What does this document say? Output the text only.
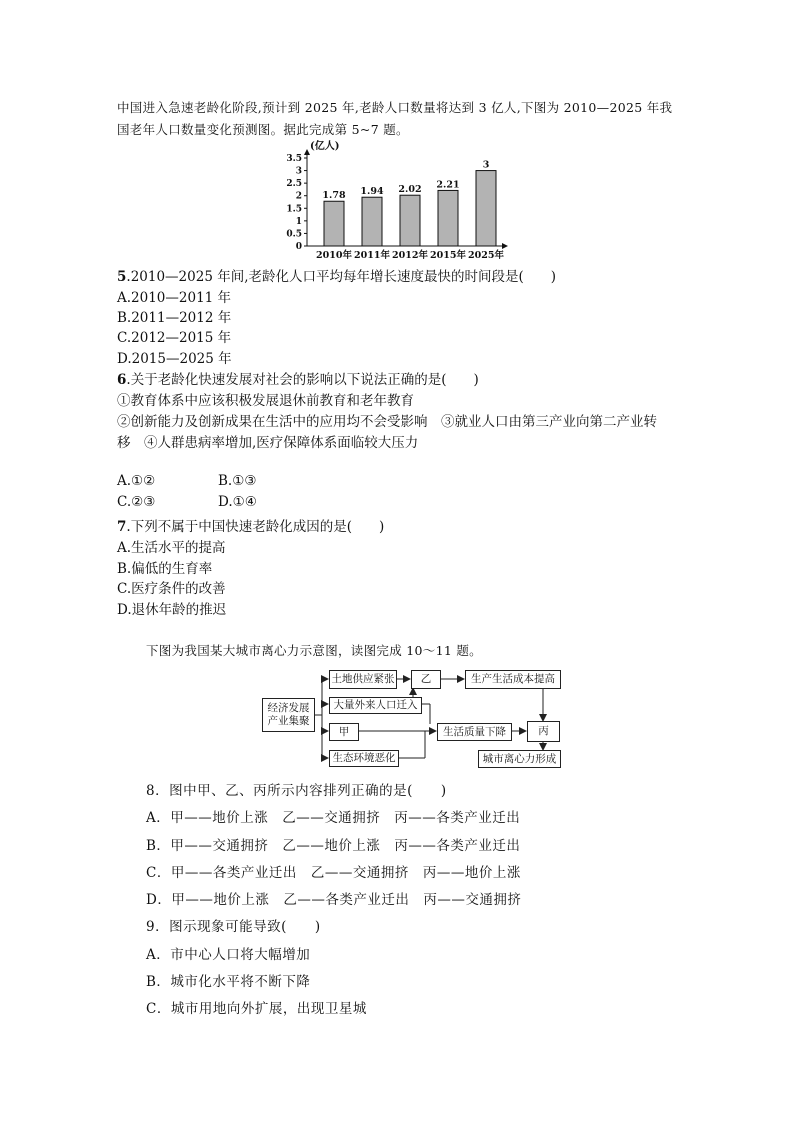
中国进入急速老龄化阶段,预计到 2025 年,老龄人口数量将达到 3 亿人,下图为 2010—2025 年我
国老年人口数量变化预测图。据此完成第 5~7 题。
0
0.5
1
1.5
2
2.5
3
3.5
(亿人)
1.78
2010年
1.94
2011年
2.02
2012年
2.21
2015年
3
2025年
5.2010—2025 年间,老龄化人口平均每年增长速度最快的时间段是(　　)
A.2010—2011 年
B.2011—2012 年
C.2012—2015 年
D.2015—2025 年
6.关于老龄化快速发展对社会的影响以下说法正确的是(　　)
①教育体系中应该积极发展退休前教育和老年教育
②创新能力及创新成果在生活中的应用均不会受影响　③就业人口由第三产业向第二产业转
移　④人群患病率增加,医疗保障体系面临较大压力
A.①②	B.①③
C.②③	D.①④
7.下列不属于中国快速老龄化成因的是(　　)
A.生活水平的提高
B.偏低的生育率
C.医疗条件的改善
D.退休年龄的推迟
下图为我国某大城市离心力示意图，读图完成 10～11 题。
经济发展
产业集聚
土地供应紧张	乙	生产生活成本提高
大量外来人口迁入
甲	生活质量下降	丙
生态环境恶化	城市离心力形成
8．图中甲、乙、丙所示内容排列正确的是(　　)
A．甲——地价上涨　乙——交通拥挤　丙——各类产业迁出
B．甲——交通拥挤　乙——地价上涨　丙——各类产业迁出
C．甲——各类产业迁出　乙——交通拥挤　丙——地价上涨
D．甲——地价上涨　乙——各类产业迁出　丙——交通拥挤
9．图示现象可能导致(　　)
A．市中心人口将大幅增加
B．城市化水平将不断下降
C．城市用地向外扩展，出现卫星城
